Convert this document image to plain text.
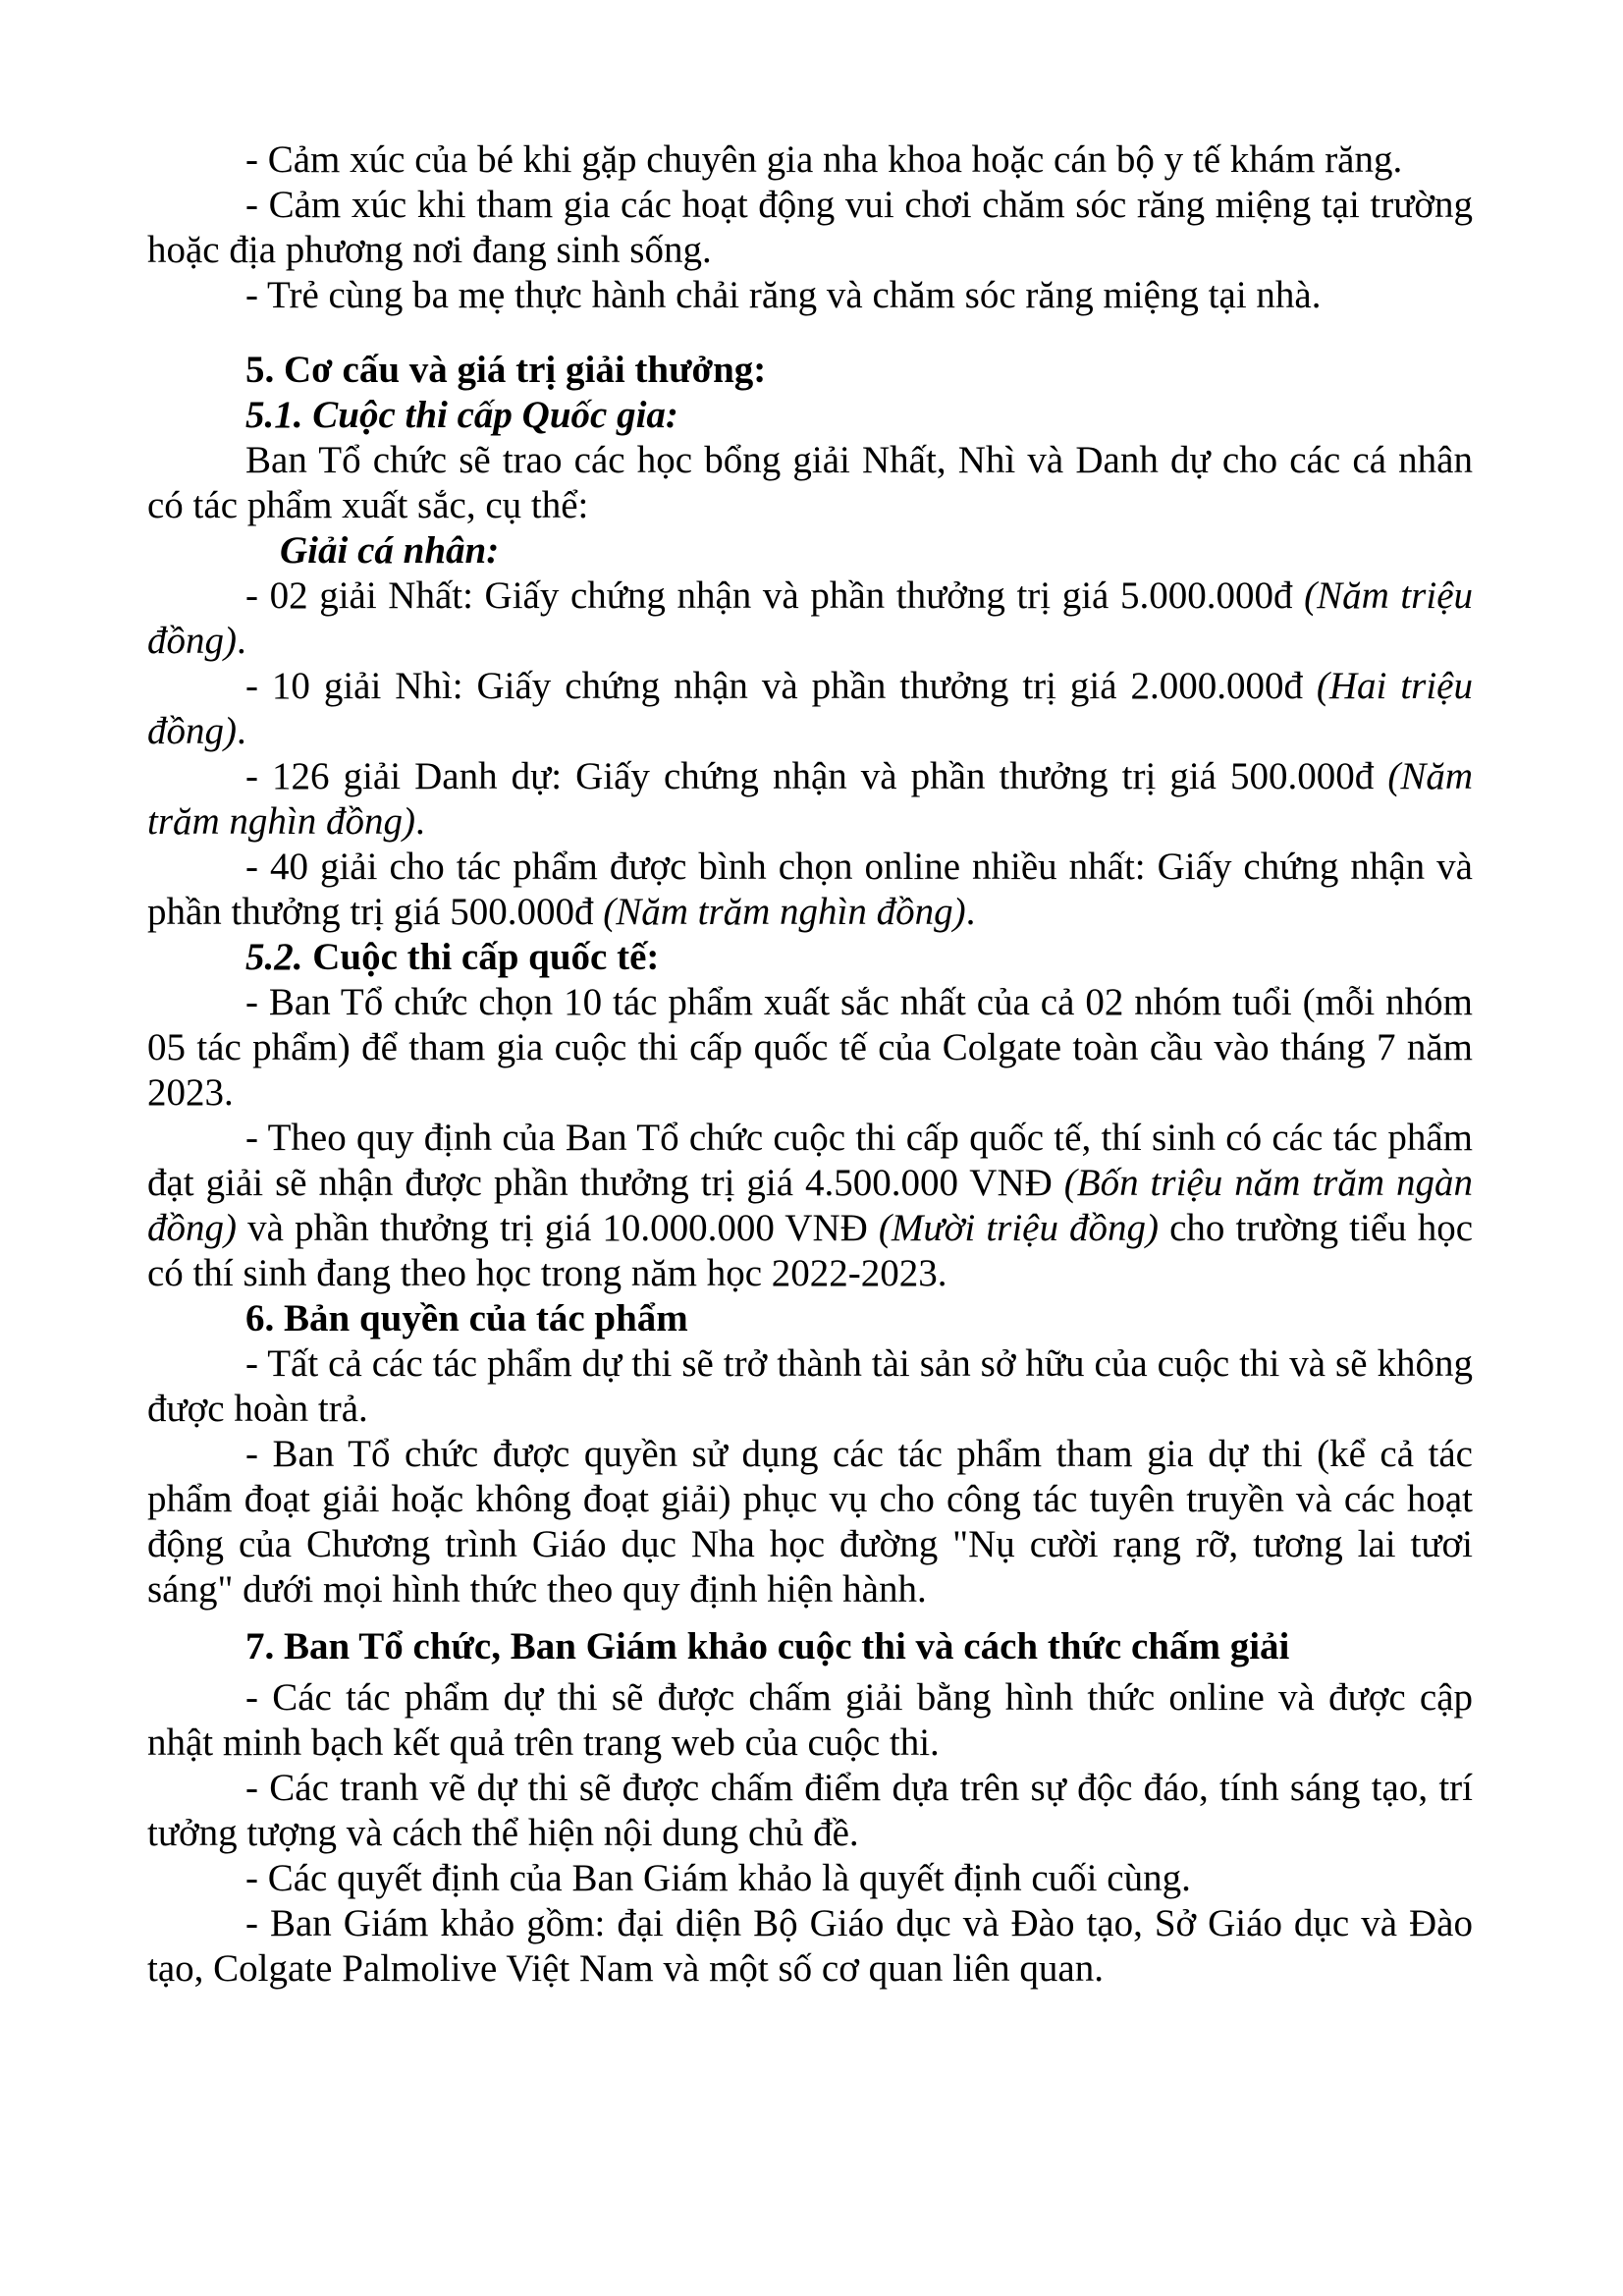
- Cảm xúc của bé khi gặp chuyên gia nha khoa hoặc cán bộ y tế khám răng.

- Cảm xúc khi tham gia các hoạt động vui chơi chăm sóc răng miệng tại trường hoặc địa phương nơi đang sinh sống.

- Trẻ cùng ba mẹ thực hành chải răng và chăm sóc răng miệng tại nhà.

5. Cơ cấu và giá trị giải thưởng:

5.1. Cuộc thi cấp Quốc gia:

Ban Tổ chức sẽ trao các học bổng giải Nhất, Nhì và Danh dự cho các cá nhân có tác phẩm xuất sắc, cụ thể:

Giải cá nhân:

- 02 giải Nhất: Giấy chứng nhận và phần thưởng trị giá 5.000.000đ (Năm triệu đồng).

- 10 giải Nhì: Giấy chứng nhận và phần thưởng trị giá 2.000.000đ (Hai triệu đồng).

- 126 giải Danh dự: Giấy chứng nhận và phần thưởng trị giá 500.000đ (Năm trăm nghìn đồng).

- 40 giải cho tác phẩm được bình chọn online nhiều nhất: Giấy chứng nhận và phần thưởng trị giá 500.000đ (Năm trăm nghìn đồng).

5.2. Cuộc thi cấp quốc tế:

- Ban Tổ chức chọn 10 tác phẩm xuất sắc nhất của cả 02 nhóm tuổi (mỗi nhóm 05 tác phẩm) để tham gia cuộc thi cấp quốc tế của Colgate toàn cầu vào tháng 7 năm 2023.

- Theo quy định của Ban Tổ chức cuộc thi cấp quốc tế, thí sinh có các tác phẩm đạt giải sẽ nhận được phần thưởng trị giá 4.500.000 VNĐ (Bốn triệu năm trăm ngàn đồng) và phần thưởng trị giá 10.000.000 VNĐ (Mười triệu đồng) cho trường tiểu học có thí sinh đang theo học trong năm học 2022-2023.

6. Bản quyền của tác phẩm

- Tất cả các tác phẩm dự thi sẽ trở thành tài sản sở hữu của cuộc thi và sẽ không được hoàn trả.

- Ban Tổ chức được quyền sử dụng các tác phẩm tham gia dự thi (kể cả tác phẩm đoạt giải hoặc không đoạt giải) phục vụ cho công tác tuyên truyền và các hoạt động của Chương trình Giáo dục Nha học đường "Nụ cười rạng rỡ, tương lai tươi sáng" dưới mọi hình thức theo quy định hiện hành.

7. Ban Tổ chức, Ban Giám khảo cuộc thi và cách thức chấm giải

- Các tác phẩm dự thi sẽ được chấm giải bằng hình thức online và được cập nhật minh bạch kết quả trên trang web của cuộc thi.

- Các tranh vẽ dự thi sẽ được chấm điểm dựa trên sự độc đáo, tính sáng tạo, trí tưởng tượng và cách thể hiện nội dung chủ đề.

- Các quyết định của Ban Giám khảo là quyết định cuối cùng.

- Ban Giám khảo gồm: đại diện Bộ Giáo dục và Đào tạo, Sở Giáo dục và Đào tạo, Colgate Palmolive Việt Nam và một số cơ quan liên quan.
